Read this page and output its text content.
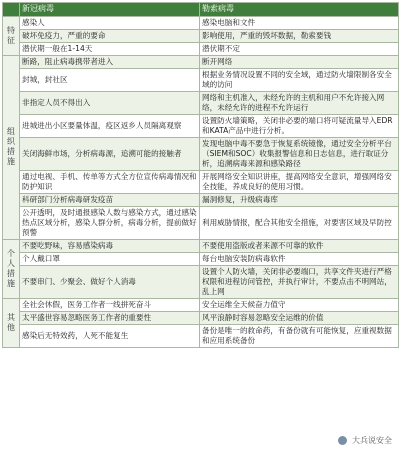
	新冠病毒	勒索病毒
特征	感染人	感染电脑和文件
	破坏免疫力，严重的要命	影响使用，严重的毁坏数据，勒索要钱
	潜伏期一般在1-14天	潜伏期不定
组织措施	断路，阻止病毒携带者进入	断开网络
	封城，封社区	根据业务情况设置不同的安全域，通过防火墙限制各安全域的访问
	非指定人员不得出入	网络和主机准入，未经允许的主机和用户不允许接入网络，未经允许的进程不允许运行
	进城进出小区要量体温，疫区返乡人员隔离观察	设置防火墙策略，关闭非必要的端口将可疑流量导入EDR和KATA产品中进行分析。
	关闭海鲜市场，分析病毒源，追溯可能的接触者	发现电脑中毒不要急于恢复系统镜像，通过安全分析平台（SIEM和SOC）收集报警信息和日志信息，进行取证分析，追溯病毒来源和感染路径
	通过电视、手机、传单等方式全方位宣传病毒情况和防护知识	开展网络安全知识讲座，提高网络安全意识，增强网络安全技能，养成良好的使用习惯。
	科研部门分析病毒研发疫苗	漏洞修复，升级病毒库
	公开透明，及时通报感染人数与感染方式，通过感染热点区域分析，感染人群分析，病毒分析，提前做好预警	利用威胁情报，配合其他安全措施，对要害区域及早防控
个人措施	不要吃野味，容易感染病毒	不要使用盗版或者来源不可靠的软件
	个人戴口罩	每台电脑安装防病毒软件
	不要串门、少聚会、做好个人消毒	设置个人防火墙，关闭非必要端口，共享文件夹进行严格权限和进程访问管控，并执行审计，不要点击不明网站，乱上网
其他	全社会休假，医务工作者一线拼死奋斗	安全运维全天候奋力值守
	太平盛世容易忽略医务工作者的重要性	风平浪静时容易忽略安全运维的价值
	感染后无特效药，人死不能复生	备份是唯一的救命药，有备份就有可能恢复，应重视数据和应用系统备份
大兵说安全
